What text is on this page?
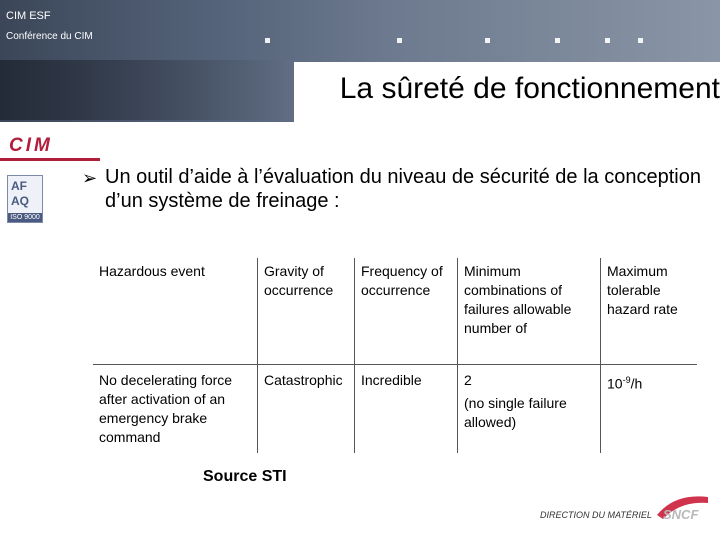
CIM ESF
Conférence du CIM
La sûreté de fonctionnement
CIM
AF
AQ
ISO 9000
➢ Un outil d’aide à l’évaluation du niveau de sécurité de la conception d’un système de freinage :
Hazardous event	Gravity of occurrence	Frequency of occurrence	Minimum combinations of failures allowable number of	Maximum tolerable hazard rate
No decelerating force after activation of an emergency brake command	Catastrophic	Incredible	2
(no single failure allowed)	$10^{-9}/h$
Source STI
DIRECTION DU MATÉRIEL SNCF
